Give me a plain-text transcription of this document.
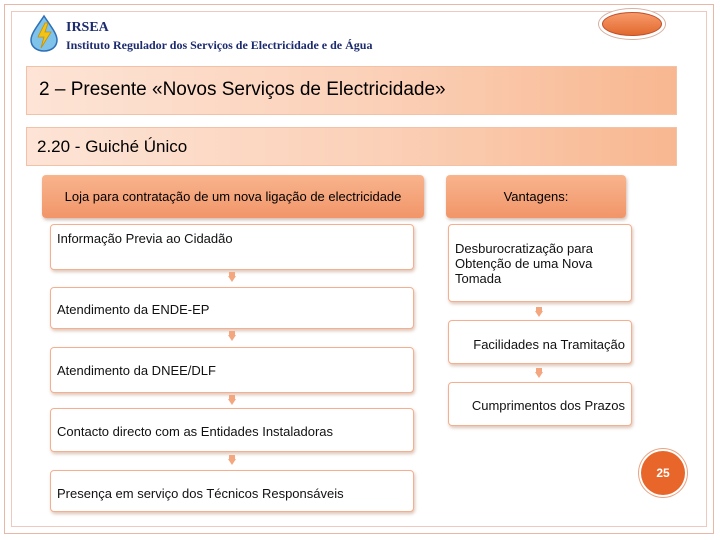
IRSEA
Instituto Regulador dos Serviços de Electricidade e de Água
2 – Presente «Novos Serviços de Electricidade»
2.20 - Guiché Único
Loja para contratação de um nova ligação de electricidade	Vantagens:
Informação Previa ao Cidadão
Atendimento da ENDE-EP
Atendimento da DNEE/DLF
Contacto directo com as Entidades Instaladoras
Presença em serviço dos Técnicos Responsáveis
Desburocratização para Obtenção de uma Nova Tomada
Facilidades na Tramitação
Cumprimentos dos Prazos
25
